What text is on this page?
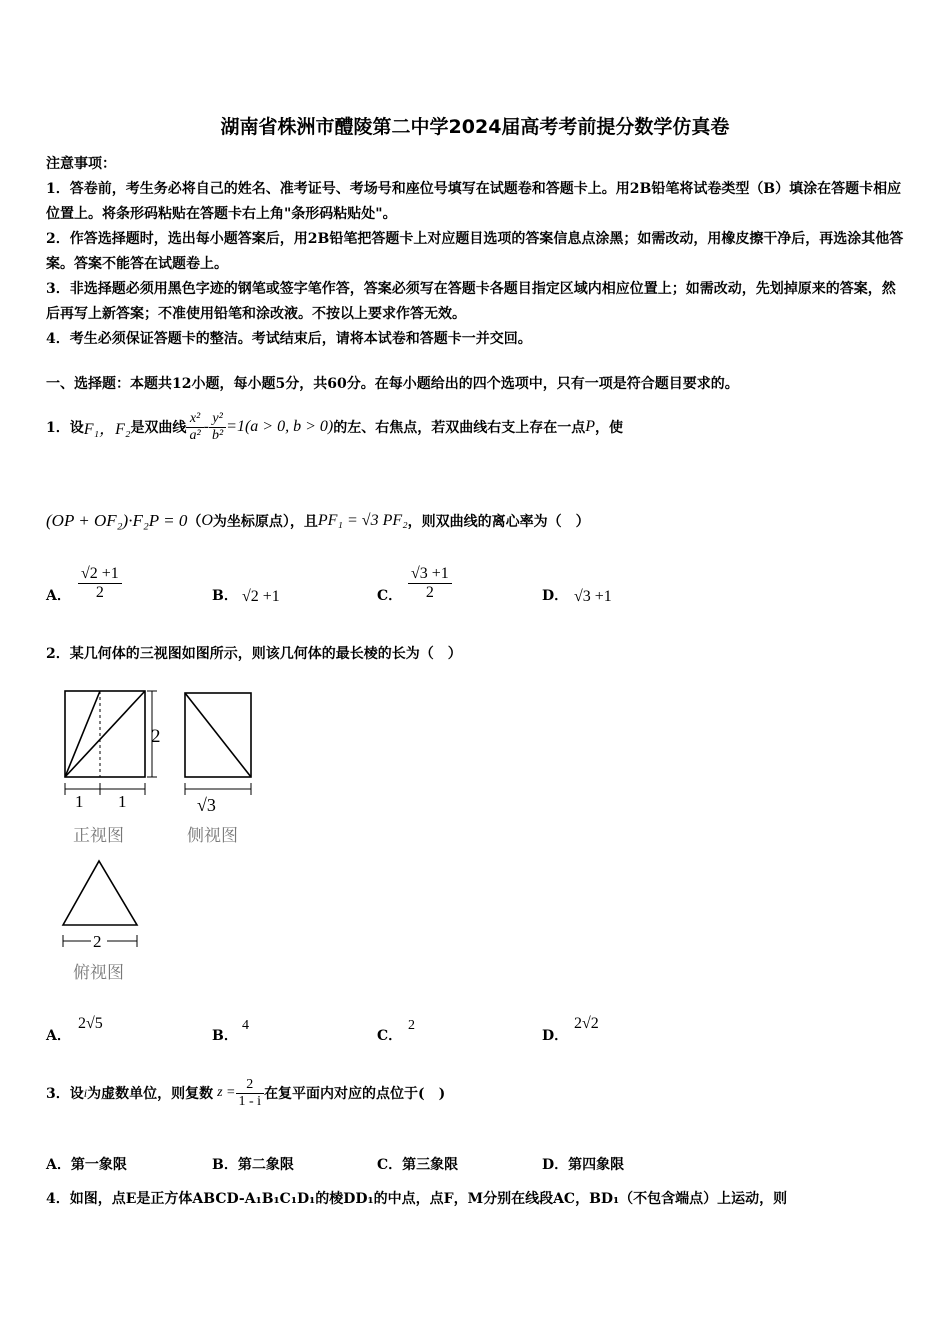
湖南省株洲市醴陵第二中学2024届高考考前提分数学仿真卷

注意事项：

1．答卷前，考生务必将自己的姓名、准考证号、考场号和座位号填写在试题卷和答题卡上。用2B铅笔将试卷类型（B）填涂在答题卡相应位置上。将条形码粘贴在答题卡右上角"条形码粘贴处"。

2．作答选择题时，选出每小题答案后，用2B铅笔把答题卡上对应题目选项的答案信息点涂黑；如需改动，用橡皮擦干净后，再选涂其他答案。答案不能答在试题卷上。

3．非选择题必须用黑色字迹的钢笔或签字笔作答，答案必须写在答题卡各题目指定区域内相应位置上；如需改动，先划掉原来的答案，然后再写上新答案；不准使用铅笔和涂改液。不按以上要求作答无效。

4．考生必须保证答题卡的整洁。考试结束后，请将本试卷和答题卡一并交回。

一、选择题：本题共12小题，每小题5分，共60分。在每小题给出的四个选项中，只有一项是符合题目要求的。
1．设 F₁，F₂ 是双曲线 $\frac{\text{x²}}{\text{a²}} - \frac{\text{y²}}{\text{b²}} =1(a > 0$, b > 0) 的左、右焦点，若双曲线右支上存在一点 P ，使
(OP + OF₂)·F₂P = 0 （ O 为坐标原点），且 PF₁ = √3 PF₂ ，则双曲线的离心率为（　）
A． $\frac{√2 +1}{2}$	B． √2 +1	C． $\frac{√3 +1}{2}$	D． √3 +1
2．某几何体的三视图如图所示，则该几何体的最长棱的长为（　）
2
1 1
正视图
√3
侧视图
2
俯视图
A．
2√5
B．
4
C．
2
D．
2√2
3．设 i 为虚数单位，则复数 $z = \frac{2}{1 - i}$ 在复平面内对应的点位于(　)
A．第一象限	B．第二象限	C．第三象限	D．第四象限
4．如图，点E是正方体ABCD-A₁B₁C₁D₁的棱DD₁的中点，点F，M分别在线段AC，BD₁（不包含端点）上运动，则
